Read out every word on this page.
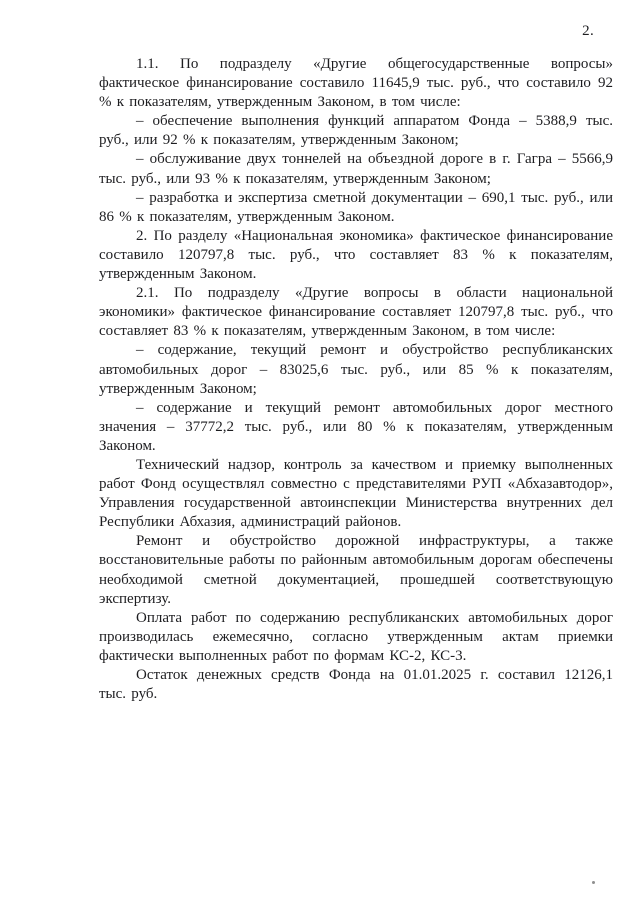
2.

1.1. По подразделу «Другие общегосударственные вопросы» фактическое финансирование составило 11645,9 тыс. руб., что составило 92 % к показателям, утвержденным Законом, в том числе:

– обеспечение выполнения функций аппаратом Фонда – 5388,9 тыс. руб., или 92 % к показателям, утвержденным Законом;

– обслуживание двух тоннелей на объездной дороге в г. Гагра – 5566,9 тыс. руб., или 93 % к показателям, утвержденным Законом;

– разработка и экспертиза сметной документации – 690,1 тыс. руб., или 86 % к показателям, утвержденным Законом.

2. По разделу «Национальная экономика» фактическое финансирование составило 120797,8 тыс. руб., что составляет 83 % к показателям, утвержденным Законом.

2.1. По подразделу «Другие вопросы в области национальной экономики» фактическое финансирование составляет 120797,8 тыс. руб., что составляет 83 % к показателям, утвержденным Законом, в том числе:

– содержание, текущий ремонт и обустройство республиканских автомобильных дорог – 83025,6 тыс. руб., или 85 % к показателям, утвержденным Законом;

– содержание и текущий ремонт автомобильных дорог местного значения – 37772,2 тыс. руб., или 80 % к показателям, утвержденным Законом.

Технический надзор, контроль за качеством и приемку выполненных работ Фонд осуществлял совместно с представителями РУП «Абхазавтодор», Управления государственной автоинспекции Министерства внутренних дел Республики Абхазия, администраций районов.

Ремонт и обустройство дорожной инфраструктуры, а также восстановительные работы по районным автомобильным дорогам обеспечены необходимой сметной документацией, прошедшей соответствующую экспертизу.

Оплата работ по содержанию республиканских автомобильных дорог производилась ежемесячно, согласно утвержденным актам приемки фактически выполненных работ по формам КС-2, КС-3.

Остаток денежных средств Фонда на 01.01.2025 г. составил 12126,1 тыс. руб.
